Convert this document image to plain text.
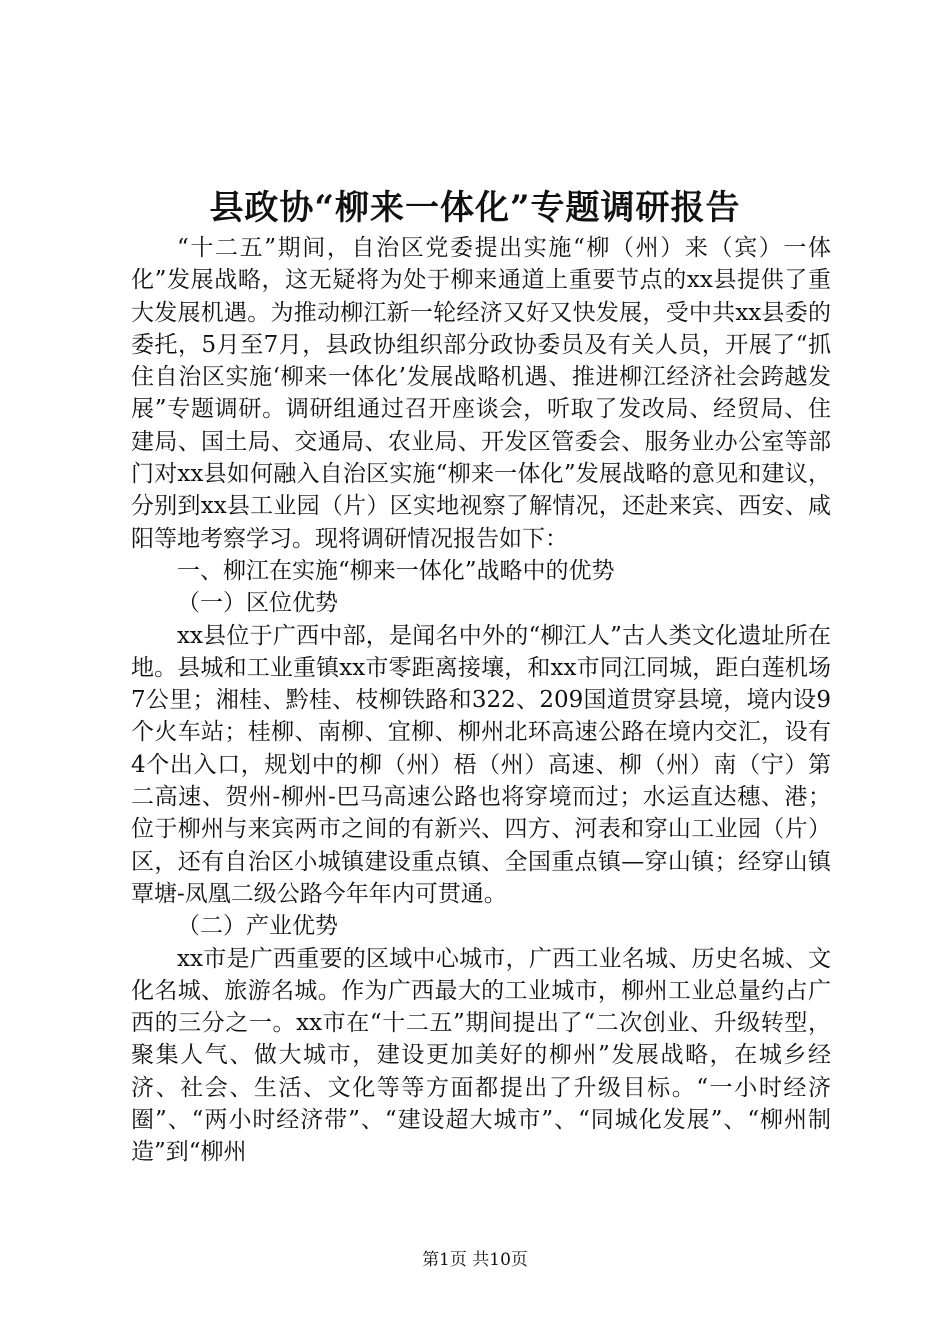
县政协“柳来一体化”专题调研报告

“十二五”期间，自治区党委提出实施“柳（州）来（宾）一体化”发展战略，这无疑将为处于柳来通道上重要节点的xx县提供了重大发展机遇。为推动柳江新一轮经济又好又快发展，受中共xx县委的委托，5月至7月，县政协组织部分政协委员及有关人员，开展了“抓住自治区实施‘柳来一体化’发展战略机遇、推进柳江经济社会跨越发展”专题调研。调研组通过召开座谈会，听取了发改局、经贸局、住建局、国土局、交通局、农业局、开发区管委会、服务业办公室等部门对xx县如何融入自治区实施“柳来一体化”发展战略的意见和建议，分别到xx县工业园（片）区实地视察了解情况，还赴来宾、西安、咸阳等地考察学习。现将调研情况报告如下：

一、柳江在实施“柳来一体化”战略中的优势

（一）区位优势

xx县位于广西中部，是闻名中外的“柳江人”古人类文化遗址所在地。县城和工业重镇xx市零距离接壤，和xx市同江同城，距白莲机场7公里；湘桂、黔桂、枝柳铁路和322、209国道贯穿县境，境内设9个火车站；桂柳、南柳、宜柳、柳州北环高速公路在境内交汇，设有4个出入口，规划中的柳（州）梧（州）高速、柳（州）南（宁）第二高速、贺州-柳州-巴马高速公路也将穿境而过；水运直达穗、港；位于柳州与来宾两市之间的有新兴、四方、河表和穿山工业园（片）区，还有自治区小城镇建设重点镇、全国重点镇—穿山镇；经穿山镇覃塘-凤凰二级公路今年年内可贯通。

（二）产业优势

xx市是广西重要的区域中心城市，广西工业名城、历史名城、文化名城、旅游名城。作为广西最大的工业城市，柳州工业总量约占广西的三分之一。xx市在“十二五”期间提出了“二次创业、升级转型，聚集人气、做大城市，建设更加美好的柳州”发展战略，在城乡经济、社会、生活、文化等等方面都提出了升级目标。“一小时经济圈”、“两小时经济带”、“建设超大城市”、“同城化发展”、“柳州制造”到“柳州

第1页 共10页
